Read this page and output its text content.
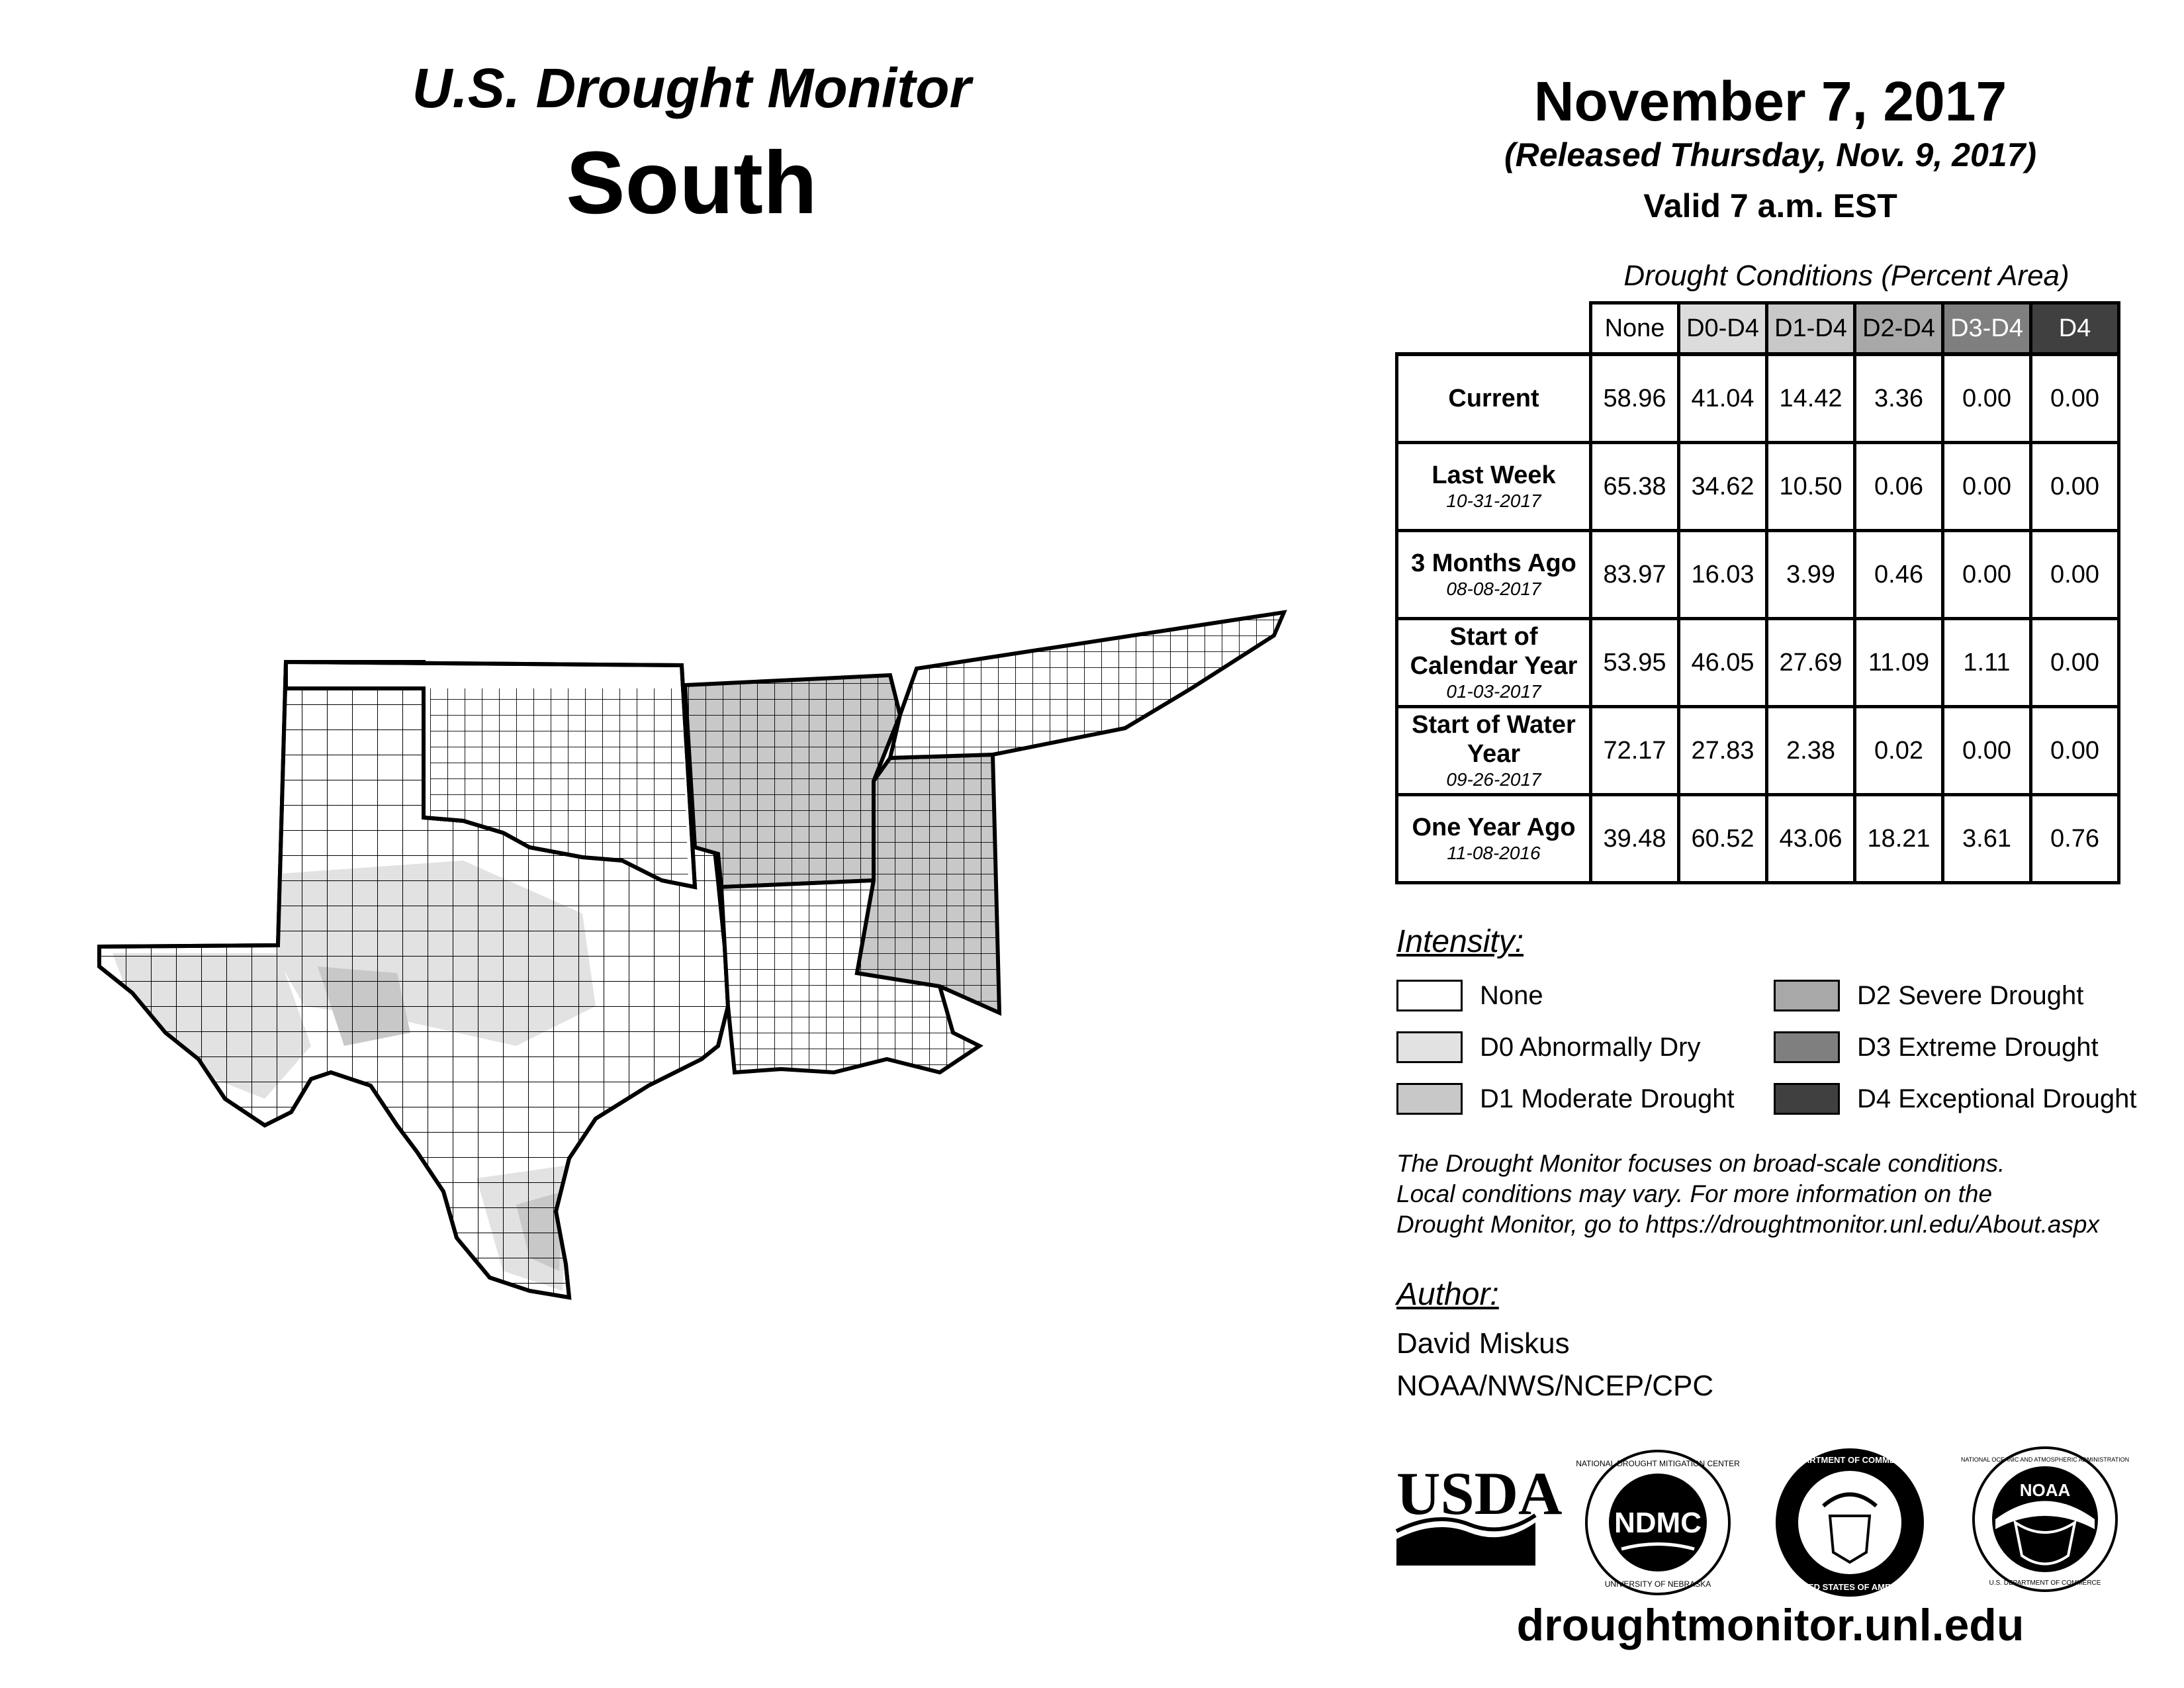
U.S. Drought Monitor
South
November 7, 2017
(Released Thursday, Nov. 9, 2017)
Valid 7 a.m. EST
Drought Conditions (Percent Area)
	None	D0-D4	D1-D4	D2-D4	D3-D4	D4

Current	58.96	41.04	14.42	3.36	0.00	0.00

Last Week
10-31-2017	65.38	34.62	10.50	0.06	0.00	0.00

3 Months Ago
08-08-2017	83.97	16.03	3.99	0.46	0.00	0.00

Start of Calendar Year
01-03-2017	53.95	46.05	27.69	11.09	1.11	0.00

Start of Water Year
09-26-2017	72.17	27.83	2.38	0.02	0.00	0.00

One Year Ago
11-08-2016	39.48	60.52	43.06	18.21	3.61	0.76
Intensity:
None
D0 Abnormally Dry
D1 Moderate Drought
D2 Severe Drought
D3 Extreme Drought
D4 Exceptional Drought
The Drought Monitor focuses on broad-scale conditions.
Local conditions may vary. For more information on the
Drought Monitor, go to https://droughtmonitor.unl.edu/About.aspx
Author:
David Miskus
NOAA/NWS/NCEP/CPC
USDA NDMC
NATIONAL DROUGHT MITIGATION CENTER
UNIVERSITY OF NEBRASKA
DEPARTMENT OF COMMERCE
UNITED STATES OF AMERICA
NOAA
NATIONAL OCEANIC AND ATMOSPHERIC ADMINISTRATION
U.S. DEPARTMENT OF COMMERCE
droughtmonitor.unl.edu
